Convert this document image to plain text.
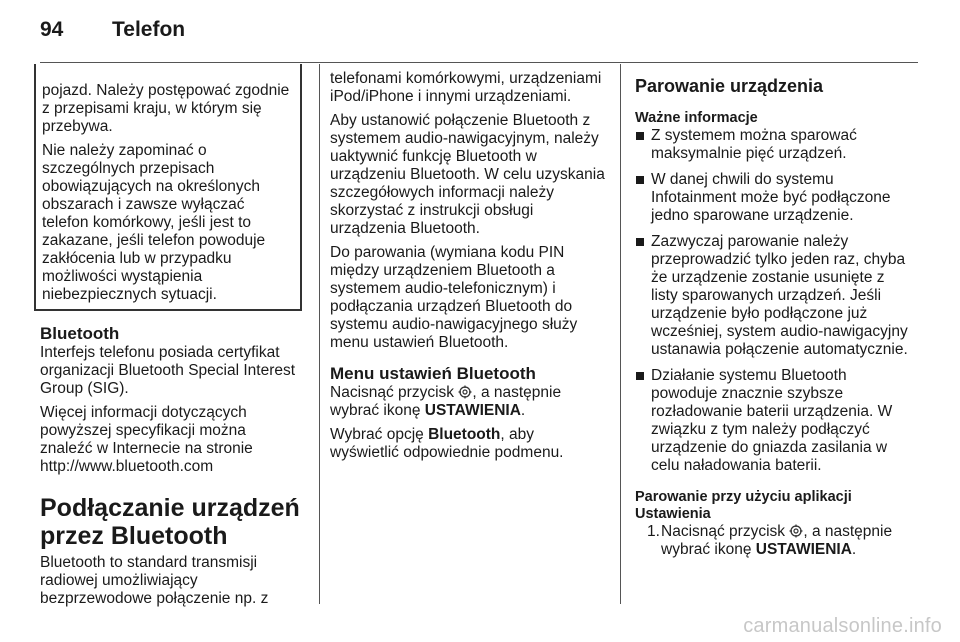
94 Telefon

pojazd. Należy postępować zgodnie z przepisami kraju, w którym się przebywa.

Nie należy zapominać o szczególnych przepisach obowiązujących na określonych obszarach i zawsze wyłączać telefon komórkowy, jeśli jest to zakazane, jeśli telefon powoduje zakłócenia lub w przypadku możliwości wystąpienia niebezpiecznych sytuacji.

Bluetooth

Interfejs telefonu posiada certyfikat organizacji Bluetooth Special Interest Group (SIG).

Więcej informacji dotyczących powyższej specyfikacji można znaleźć w Internecie na stronie http://www.bluetooth.com

Podłączanie urządzeń
przez Bluetooth

Bluetooth to standard transmisji radiowej umożliwiający bezprzewodowe połączenie np. z

telefonami komórkowymi, urządzeniami iPod/iPhone i innymi urządzeniami.

Aby ustanowić połączenie Bluetooth z systemem audio-nawigacyjnym, należy uaktywnić funkcję Bluetooth w urządzeniu Bluetooth. W celu uzyskania szczegółowych informacji należy skorzystać z instrukcji obsługi urządzenia Bluetooth.

Do parowania (wymiana kodu PIN między urządzeniem Bluetooth a systemem audio-telefonicznym) i podłączania urządzeń Bluetooth do systemu audio-nawigacyjnego służy menu ustawień Bluetooth.

Menu ustawień Bluetooth

Nacisnąć przycisk , a następnie wybrać ikonę USTAWIENIA.

Wybrać opcję Bluetooth, aby wyświetlić odpowiednie podmenu.

Parowanie urządzenia
Ważne informacje
Z systemem można sparować maksymalnie pięć urządzeń.
W danej chwili do systemu Infotainment może być podłączone jedno sparowane urządzenie.
Zazwyczaj parowanie należy przeprowadzić tylko jeden raz, chyba że urządzenie zostanie usunięte z listy sparowanych urządzeń. Jeśli urządzenie było podłączone już wcześniej, system audio-nawigacyjny ustanawia połączenie automatycznie.
Działanie systemu Bluetooth powoduje znacznie szybsze rozładowanie baterii urządzenia. W związku z tym należy podłączyć urządzenie do gniazda zasilania w celu naładowania baterii.
Parowanie przy użyciu aplikacji Ustawienia
1. Nacisnąć przycisk , a następnie wybrać ikonę USTAWIENIA.
carmanualsonline.info
